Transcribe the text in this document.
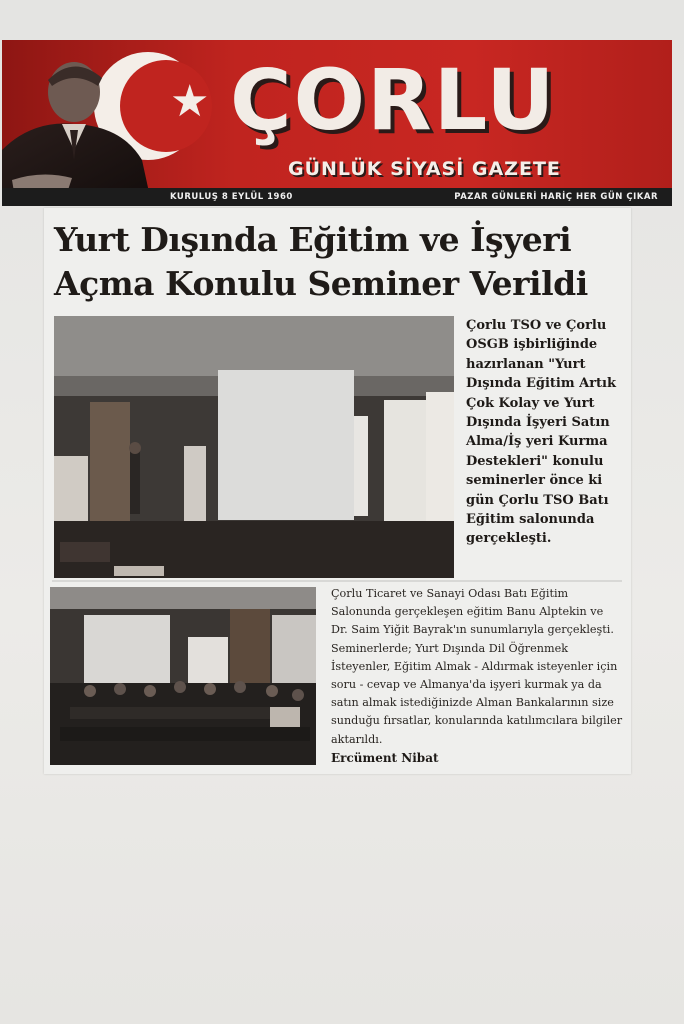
★ ÇORLU
GÜNLÜK SİYASİ GAZETE
KURULUŞ 8 EYLÜL 1960	PAZAR GÜNLERİ HARİÇ HER GÜN ÇIKAR
Yurt Dışında Eğitim ve İşyeri Açma Konulu Seminer Verildi
Çorlu TSO ve Çorlu OSGB işbirliğinde hazırlanan "Yurt Dışında Eğitim Artık Çok Kolay ve Yurt Dışında İşyeri Satın Alma/İş yeri Kurma Destekleri" konulu seminerler önce ki gün Çorlu TSO Batı Eğitim salonunda gerçekleşti.
Çorlu Ticaret ve Sanayi Odası Batı Eğitim Salonunda gerçekleşen eğitim Banu Alptekin ve Dr. Saim Yiğit Bayrak'ın sunumlarıyla gerçekleşti. Seminerlerde; Yurt Dışında Dil Öğrenmek İsteyenler, Eğitim Almak - Aldırmak isteyenler için soru - cevap ve Almanya'da işyeri kurmak ya da satın almak istediğinizde Alman Bankalarının size sunduğu fırsatlar, konularında katılımcılara bilgiler aktarıldı.
Ercüment Nibat
